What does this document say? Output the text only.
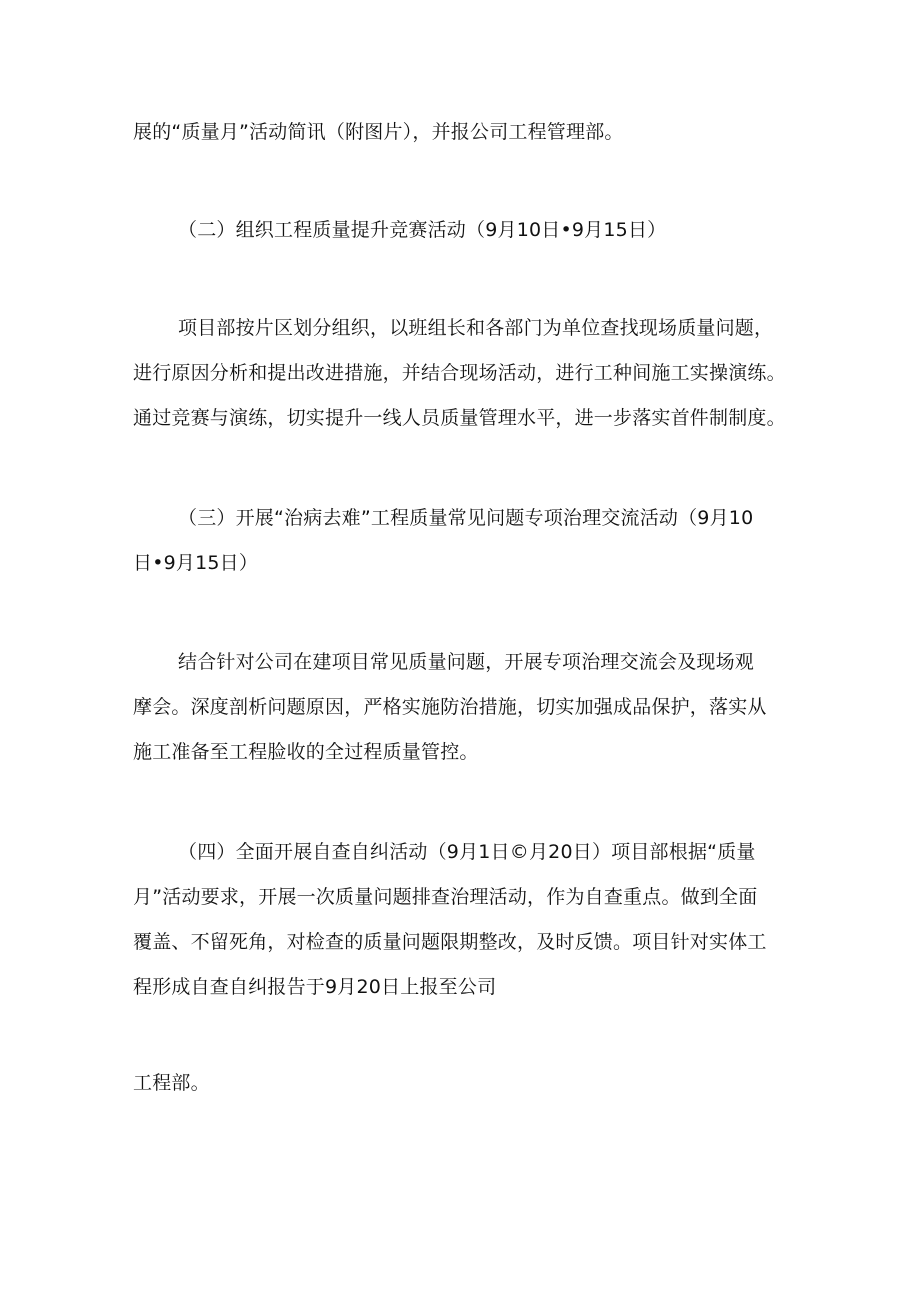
展的“质量月”活动简讯（附图片），并报公司工程管理部。
（二）组织工程质量提升竞赛活动（9月10日•9月15日）
项目部按片区划分组织，以班组长和各部门为单位查找现场质量问题，
进行原因分析和提出改进措施，并结合现场活动，进行工种间施工实操演练。
通过竞赛与演练，切实提升一线人员质量管理水平，进一步落实首件制制度。
（三）开展“治病去难”工程质量常见问题专项治理交流活动（9月10
日•9月15日）
结合针对公司在建项目常见质量问题，开展专项治理交流会及现场观
摩会。深度剖析问题原因，严格实施防治措施，切实加强成品保护，落实从
施工准备至工程脸收的全过程质量管控。
（四）全面开展自查自纠活动（9月1日©月20日）项目部根据“质量
月”活动要求，开展一次质量问题排查治理活动，作为自查重点。做到全面
覆盖、不留死角，对检查的质量问题限期整改，及时反馈。项目针对实体工
程形成自查自纠报告于9月20日上报至公司
工程部。
